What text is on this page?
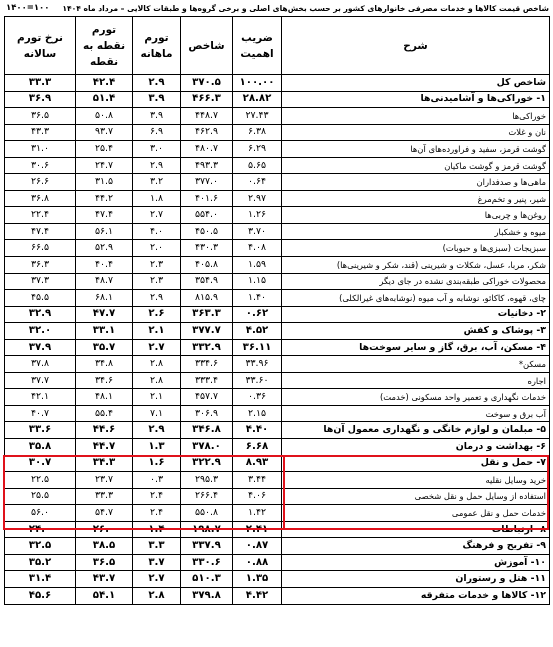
شاخص قیمت کالاها و خدمات مصرفی خانوارهای کشور بر حسب بخش‌های اصلی و برخی گروه‌ها و طبقات کالایی – مرداد ماه ۱۴۰۴
۱۴۰۰=۱۰۰
شرح	ضریب اهمیت	شاخص	تورم ماهانه	تورم نقطه به نقطه	نرخ تورم سالانه
شاخص کل	۱۰۰.۰۰	۳۷۰.۵	۲.۹	۴۲.۴	۳۳.۳
۱- خوراکی‌ها و آشامیدنی‌ها	۲۸.۸۲	۴۶۶.۳	۳.۹	۵۱.۴	۳۶.۹
خوراکی‌ها	۲۷.۴۳	۴۴۸.۷	۳.۹	۵۰.۸	۳۶.۵
نان و غلات	۶.۳۸	۴۶۲.۹	۶.۹	۹۳.۷	۴۳.۳
گوشت قرمز، سفید و فراورده‌های آن‌ها	۶.۲۹	۴۸۰.۷	۳.۰	۲۵.۴	۳۱.۰
گوشت قرمز و گوشت ماکیان	۵.۶۵	۴۹۳.۳	۲.۹	۲۴.۷	۳۰.۶
ماهی‌ها و صدفداران	۰.۶۴	۳۷۷.۰	۳.۲	۳۱.۵	۲۶.۶
شیر، پنیر و تخم‌مرغ	۲.۹۷	۴۰۱.۶	۱.۸	۴۴.۲	۳۶.۸
روغن‌ها و چربی‌ها	۱.۲۶	۵۵۴.۰	۲.۷	۴۷.۴	۲۲.۴
میوه و خشکبار	۳.۷۰	۴۵۰.۵	۴.۰	۵۶.۱	۴۷.۴
سبزیجات (سبزی‌ها و حبوبات)	۴.۰۸	۴۳۰.۳	۲.۰	۵۲.۹	۶۶.۵
شکر، مربا، عسل، شکلات و شیرینی (قند، شکر و شیرینی‌ها)	۱.۵۹	۴۰۵.۸	۲.۳	۴۰.۴	۳۶.۳
محصولات خوراکی طبقه‌بندی نشده در جای دیگر	۱.۱۵	۳۵۴.۹	۲.۳	۴۸.۷	۳۷.۳
چای، قهوه، کاکائو، نوشابه و آب میوه (نوشابه‌های غیرالکلی)	۱.۴۰	۸۱۵.۹	۲.۹	۶۸.۱	۴۵.۵
۲- دخانیات	۰.۶۲	۳۶۳.۳	۲.۶	۴۷.۷	۳۲.۹
۳- پوشاک و کفش	۴.۵۲	۳۷۷.۷	۲.۱	۳۳.۱	۳۲.۰
۴- مسکن، آب، برق، گاز و سایر سوخت‌ها	۳۶.۱۱	۳۳۲.۹	۲.۷	۳۵.۷	۳۷.۹
مسکن*	۳۳.۹۶	۳۳۴.۶	۲.۸	۳۴.۸	۳۷.۸
اجاره	۳۳.۶۰	۳۳۳.۴	۲.۸	۳۴.۶	۳۷.۷
خدمات نگهداری و تعمیر واحد مسکونی (خدمت)	۰.۳۶	۴۵۷.۷	۲.۱	۴۸.۱	۴۲.۱
آب برق و سوخت	۲.۱۵	۳۰۶.۹	۷.۱	۵۵.۴	۴۰.۷
۵- مبلمان و لوازم خانگی و نگهداری معمول آن‌ها	۴.۴۰	۳۴۶.۸	۲.۹	۴۴.۶	۳۳.۶
۶- بهداشت و درمان	۶.۶۸	۳۷۸.۰	۱.۳	۴۴.۷	۳۵.۸
۷- حمل و نقل	۸.۹۳	۳۲۲.۹	۱.۶	۳۴.۳	۳۰.۷
خرید وسایل نقلیه	۳.۴۴	۲۹۵.۳	۰.۳	۲۳.۷	۲۲.۵
استفاده از وسایل حمل و نقل شخصی	۴.۰۶	۲۶۶.۴	۲.۴	۳۳.۳	۲۵.۵
خدمات حمل و نقل عمومی	۱.۴۲	۵۵۰.۸	۲.۴	۵۴.۷	۵۶.۰
۸- ارتباطات	۲.۴۱	۱۹۸.۷	۱.۴	۲۶.۰	۲۴.۰
۹- تفریح و فرهنگ	۰.۸۷	۳۳۷.۹	۳.۳	۳۸.۵	۳۲.۵
۱۰- آموزش	۰.۸۸	۳۳۰.۶	۳.۷	۳۶.۵	۳۵.۲
۱۱- هتل و رستوران	۱.۳۵	۵۱۰.۳	۲.۷	۴۳.۷	۳۱.۴
۱۲- کالاها و خدمات متفرقه	۴.۴۲	۳۷۹.۸	۲.۸	۵۴.۱	۴۵.۶
